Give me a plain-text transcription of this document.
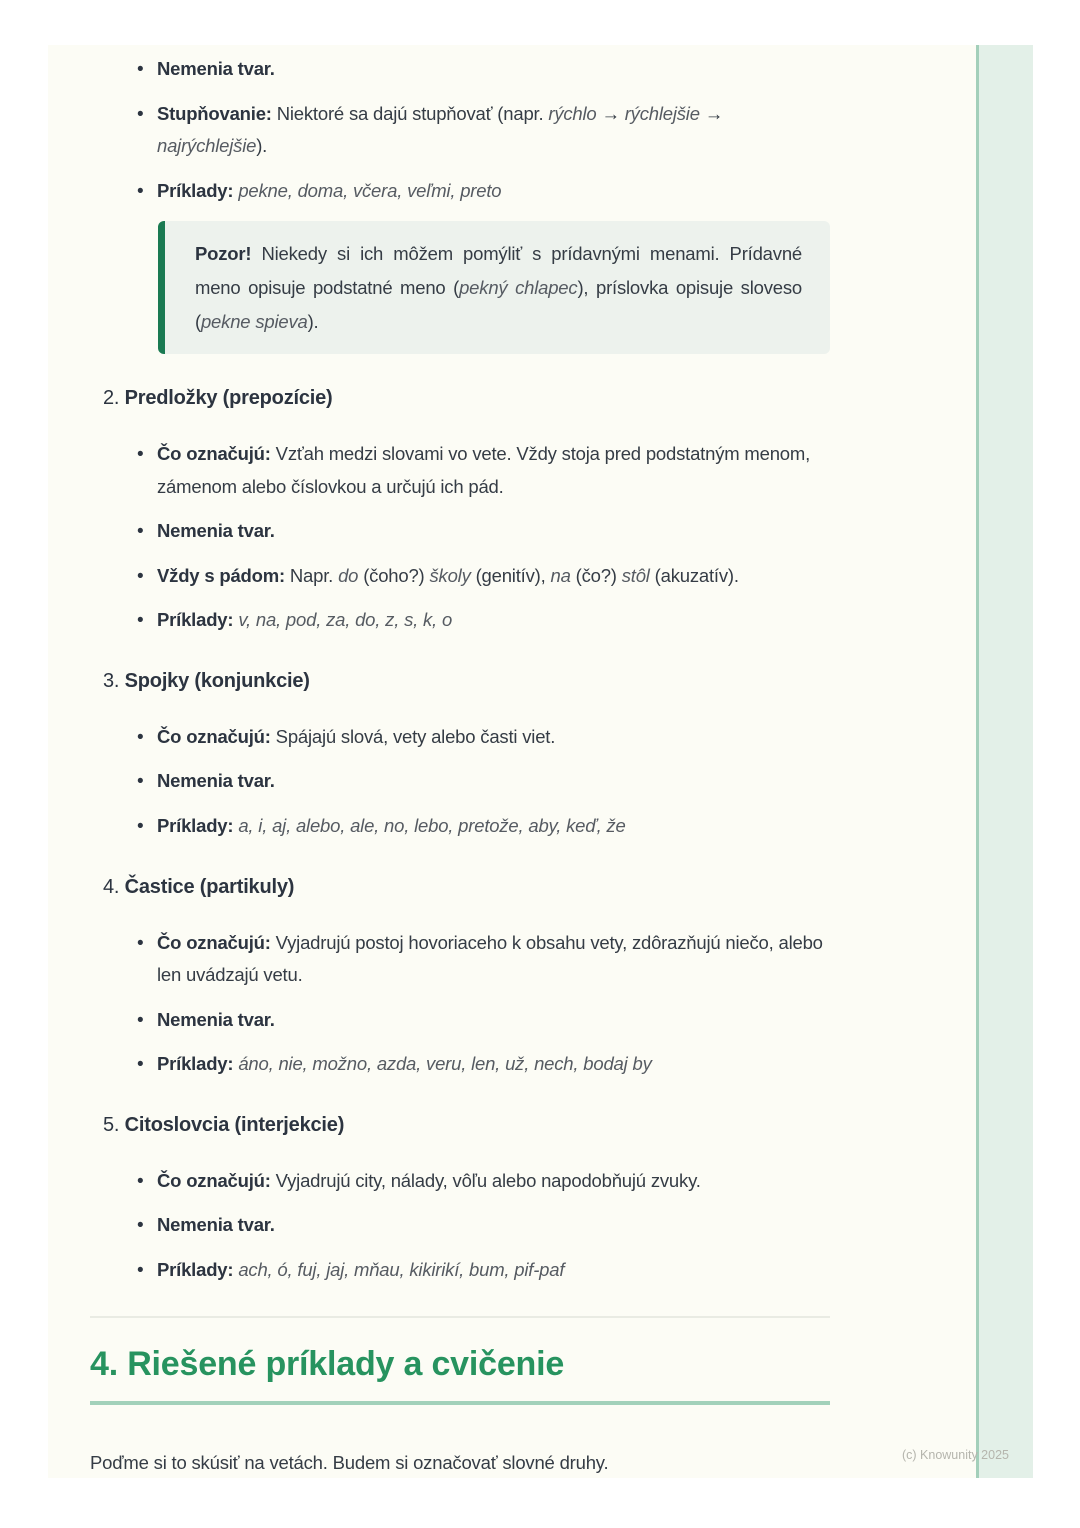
• Nemenia tvar.
• Stupňovanie: Niektoré sa dajú stupňovať (napr. rýchlo → rýchlejšie → najrýchlejšie).
• Príklady: pekne, doma, včera, veľmi, preto

Pozor! Niekedy si ich môžem pomýliť s prídavnými menami. Prídavné meno opisuje podstatné meno (pekný chlapec), príslovka opisuje sloveso (pekne spieva).

2. Predložky (prepozície)
• Čo označujú: Vzťah medzi slovami vo vete. Vždy stoja pred podstatným menom, zámenom alebo číslovkou a určujú ich pád.
• Nemenia tvar.
• Vždy s pádom: Napr. do (čoho?) školy (genitív), na (čo?) stôl (akuzatív).
• Príklady: v, na, pod, za, do, z, s, k, o
3. Spojky (konjunkcie)
• Čo označujú: Spájajú slová, vety alebo časti viet.
• Nemenia tvar.
• Príklady: a, i, aj, alebo, ale, no, lebo, pretože, aby, keď, že
4. Častice (partikuly)
• Čo označujú: Vyjadrujú postoj hovoriaceho k obsahu vety, zdôrazňujú niečo, alebo len uvádzajú vetu.
• Nemenia tvar.
• Príklady: áno, nie, možno, azda, veru, len, už, nech, bodaj by
5. Citoslovcia (interjekcie)
• Čo označujú: Vyjadrujú city, nálady, vôľu alebo napodobňujú zvuky.
• Nemenia tvar.
• Príklady: ach, ó, fuj, jaj, mňau, kikirikí, bum, pif-paf
4. Riešené príklady a cvičenie

Poďme si to skúsiť na vetách. Budem si označovať slovné druhy.	(c) Knowunity 2025
